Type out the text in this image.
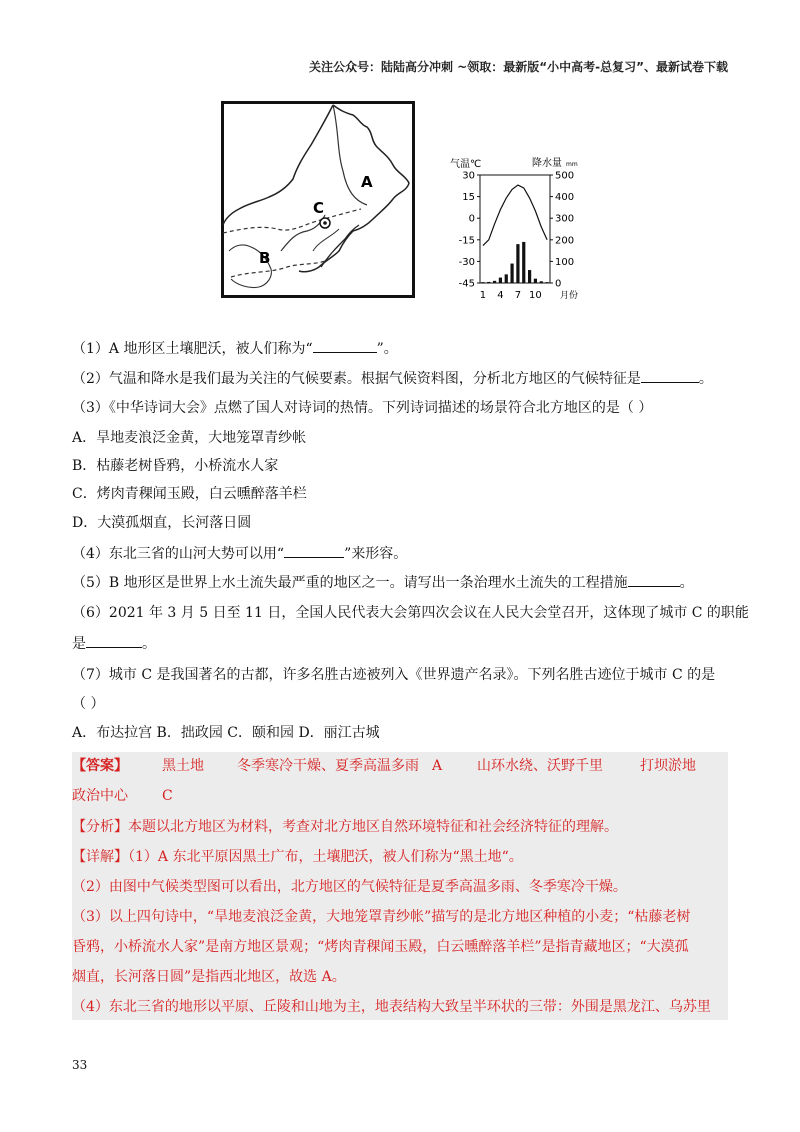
关注公众号：陆陆高分冲刺 ~领取：最新版“小中高考-总复习”、最新试卷下载
A
C
B
气温℃	降水量 mm
30
15
0
-15
-30
-45
500
400
300
200
100
0
1 4 7 10 月份
（1）A 地形区土壤肥沃，被人们称为“	”。
（2）气温和降水是我们最为关注的气候要素。根据气候资料图，分析北方地区的气候特征是	。
（3）《中华诗词大会》点燃了国人对诗词的热情。下列诗词描述的场景符合北方地区的是（ ）
A．旱地麦浪泛金黄，大地笼罩青纱帐
B．枯藤老树昏鸦，小桥流水人家
C．烤肉青稞闻玉殿，白云曛醉落羊栏
D．大漠孤烟直，长河落日圆
（4）东北三省的山河大势可以用“	”来形容。
（5）B 地形区是世界上水土流失最严重的地区之一。请写出一条治理水土流失的工程措施	。
（6）2021 年 3 月 5 日至 11 日，全国人民代表大会第四次会议在人民大会堂召开，这体现了城市 C 的职能
是	。
（7）城市 C 是我国著名的古都，许多名胜古迹被列入《世界遗产名录》。下列名胜古迹位于城市 C 的是
（ ）
A．布达拉宫 B．拙政园 C．颐和园 D．丽江古城
【答案】 黑土地 冬季寒冷干燥、夏季高温多雨 A 山环水绕、沃野千里	打坝淤地
政治中心 C
【分析】本题以北方地区为材料，考查对北方地区自然环境特征和社会经济特征的理解。
【详解】（1）A 东北平原因黑土广布，土壤肥沃，被人们称为“黑土地“。
（2）由图中气候类型图可以看出，北方地区的气候特征是夏季高温多雨、冬季寒冷干燥。
（3）以上四句诗中，“旱地麦浪泛金黄，大地笼罩青纱帐”描写的是北方地区种植的小麦；“枯藤老树
昏鸦，小桥流水人家”是南方地区景观；“烤肉青稞闻玉殿，白云曛醉落羊栏”是指青藏地区；“大漠孤
烟直，长河落日圆”是指西北地区，故选 A。
（4）东北三省的地形以平原、丘陵和山地为主，地表结构大致呈半环状的三带：外围是黑龙江、乌苏里
33
